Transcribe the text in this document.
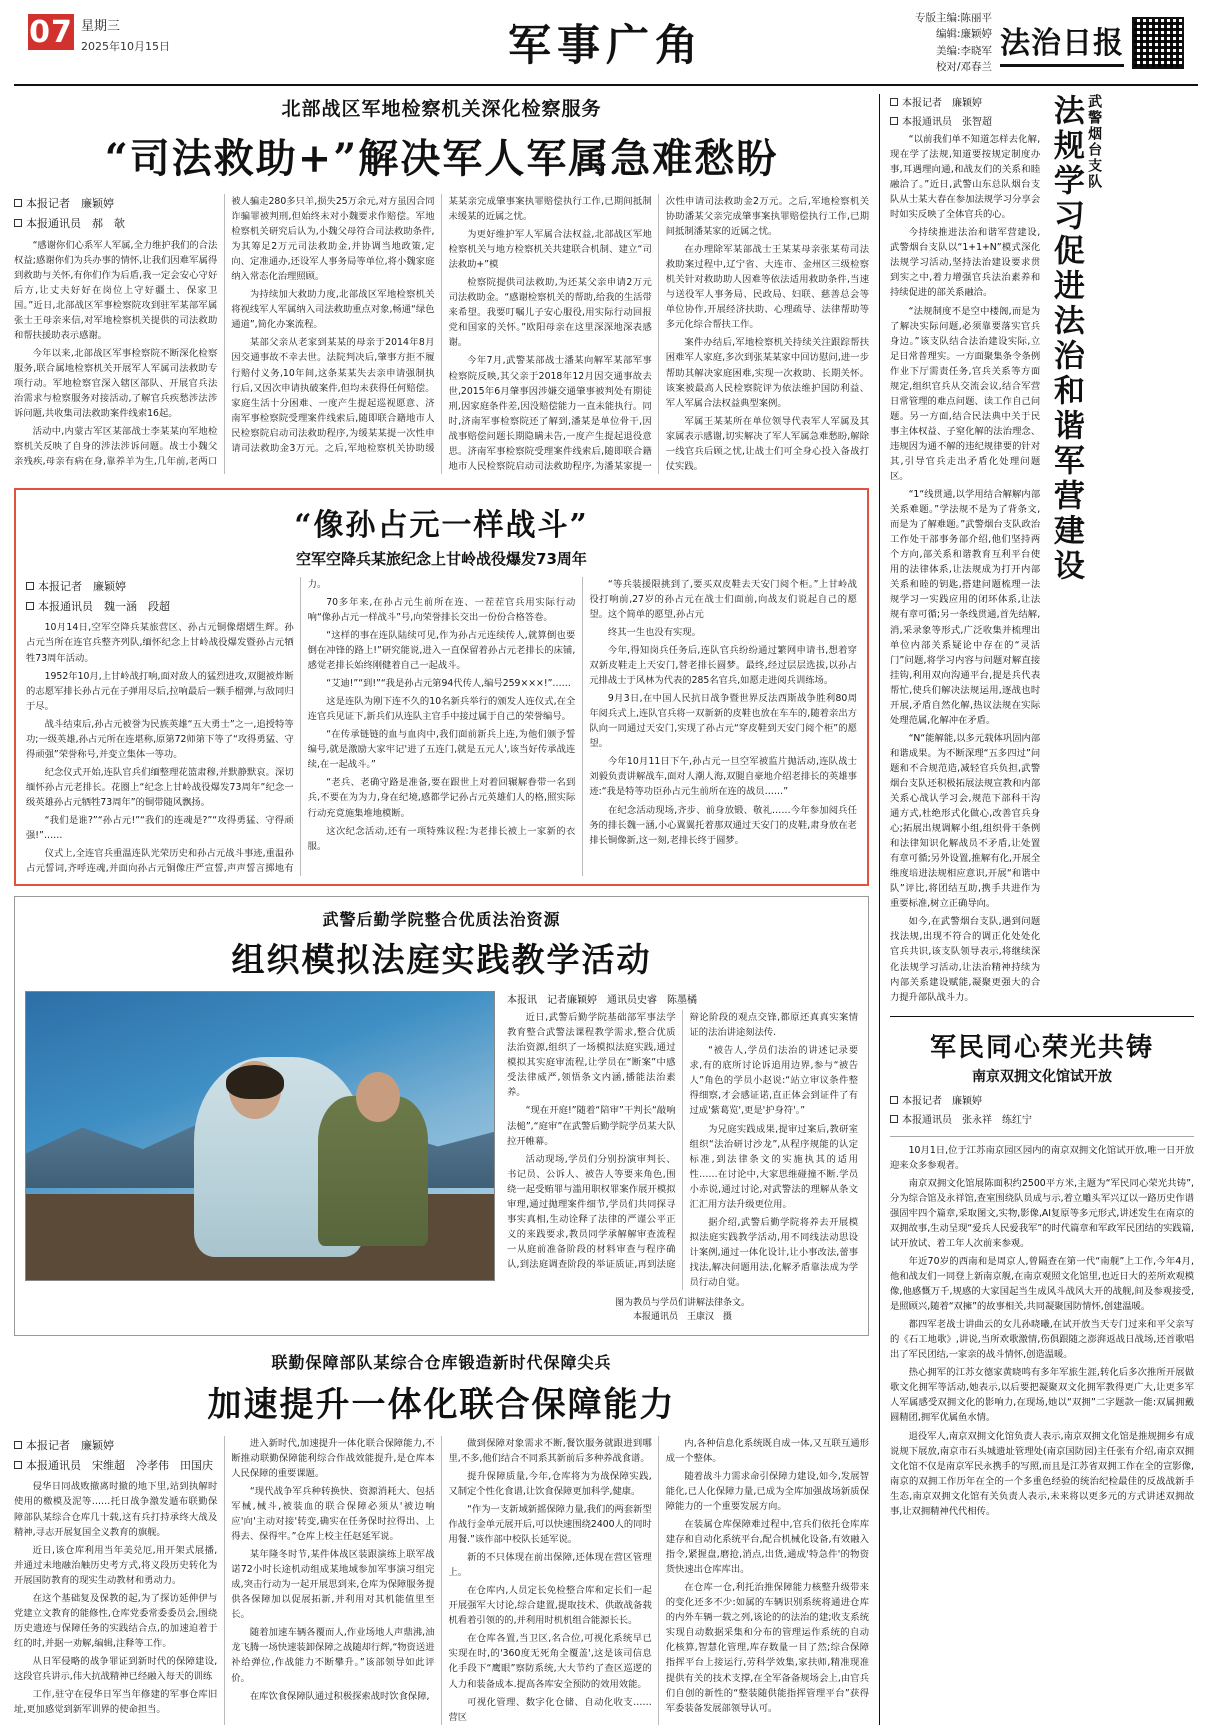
07 星期三
2025年10月15日	军事广角
专版主编:陈丽平
编辑:廉颖婷
美编:李晓军
校对/邓春兰
法治日报
北部战区军地检察机关深化检察服务
“司法救助+”解决军人军属急难愁盼
本报记者　廉颖婷
本报通讯员　郝　欹

“感谢你们心系军人军属,全力维护我们的合法权益;感谢你们为兵办事的情怀,让我们因难军属得到救助与关怀,有你们作为后盾,我一定会安心守好后方,让丈夫好好在岗位上守好疆土、保家卫国。”近日,北部战区军事检察院攻到驻军某部军属张士王母亲来信,对军地检察机关提供的司法救助和帮扶援助表示感谢。

今年以来,北部战区军事检察院不断深化检察服务,联合属地检察机关开展军人军属司法救助专项行动。军地检察官深入辖区部队、开展官兵法治需求与检察服务对接活动,了解官兵疾愁涉法涉诉问题,共收集司法救助案件线索16起。

活动中,内蒙古军区某部战士李某某向军地检察机关反映了自身的涉法涉诉问题。战士小魏父亲残疾,母亲有病在身,靠养羊为生,几年前,老两口被人骗走280多只羊,损失25万余元,对方虽因合同诈骗罪被判刑,但始终未对小魏要求作赔偿。军地检察机关研究后认为,小魏父母符合司法救助条件,为其筹足2万元司法救助金,并协调当地政策,定向、定准通办,还设军人事务局等单位,将小魏家庭纳入常态化治理照顾。

为持续加大救助力度,北部战区军地检察机关将视线军人军属纳入司法救助重点对象,畅通“绿色通道”,简化办案流程。

某部父亲从老家到某某的母亲于2014年8月因交通事故不幸去世。法院判决后,肇事方拒不履行赔付义务,10年间,这条某某失去亲申请强制执行后,又因次申请执破案件,但均未获得任何赔偿。家庭生活十分困难、一度产生提起巡视愿意、济南军事检察院受理案件线索后,随即联合籍地市人民检察院启动司法救助程序,为缓某某提一次性申请司法救助金3万元。之后,军地检察机关协助缓某某亲完成肇事案执罪赔偿执行工作,已期间抵制未缓某的近属之忧。

为更好维护军人军属合法权益,北部战区军地检察机关与地方检察机关共建联合机制、建立“司法救助+”模

检察院提供司法救助,为还某父亲申请2万元司法救助金。“感谢检察机关的帮助,给我的生活带来希望。我要叮嘱儿子安心服役,用实际行动回报党和国家的关怀。”欧阳母亲在这里深深地深表感谢。

今年7月,武警某部战士潘某向解军某部军事检察院反映,其父亲于2018年12月因交通事故去世,2015年6月肇事因涉嫌交通肇事被判处有期徒刑,因家庭条件差,因没赔偿能力一直未能执行。同时,济南军事检察院还了解到,潘某是单位骨干,因战事赔偿问题长期隐瞒未告,一度产生提起退役意思。济南军事检察院受理案件线索后,随即联合籍地市人民检察院启动司法救助程序,为潘某家提一次性申请司法救助金2万元。之后,军地检察机关协助潘某父亲完成肇事案执罪赔偿执行工作,已期间抵制潘某家的近属之忧。

在办理除军某部战士王某某母亲张某苟司法救助案过程中,辽宁省、大连市、金州区三级检察机关针对救助助人因难等依法适用救助条件,当速与送役军人事务局、民政局、妇联、慈善总会等单位协作,开展经济扶助、心理疏导、法律帮助等多元化综合帮扶工作。

案件办结后,军地检察机关持续关注跟踪帮扶困难军人家庭,多次到张某某家中回访慰问,进一步帮助其解决家庭困难,实现一次救助、长期关怀。该案被最高人民检察院评为依法维护国防利益、军人军属合法权益典型案例。

军属王某某所在单位领导代表军人军属及其家属表示感谢,切实解决了军人军属急难愁盼,解除一线官兵后顾之忧,让战士们可全身心投入备战打仗实践。

“像孙占元一样战斗”
空军空降兵某旅纪念上甘岭战役爆发73周年
本报记者　廉颖婷
本报通讯员　魏一涵　段超

10月14日,空军空降兵某旅营区、孙占元铜像熠熠生辉。孙占元当所在连官兵整齐列队,缅怀纪念上甘岭战役爆发暨孙占元牺牲73周年活动。

1952年10月,上甘岭战打响,面对敌人的猛烈进攻,双腿被炸断的志愿军排长孙占元在子弹用尽后,拉响最后一颗手榴弹,与敌同归于尽。

战斗结束后,孙占元被誉为民族英雄“五大勇士”之一,追授特等功;一级英雄,孙占元所在连堪称,原第72师第下等了“攻得勇猛、守得顽强”荣誉称号,并变立集体一等功。

纪念仪式开始,连队官兵们缅整理花篮肃穆,并默静默哀。深切缅怀孙占元老排长。花圈上“纪念上甘岭战役爆发73周年”纪念一级英雄孙占元牺牲73周年”的铜带随风飘扬。

“我们是谁?”“孙占元!”“我们的连魂是?”“攻得勇猛、守得顽强!”……

仪式上,全连官兵重温连队光荣历史和孙占元战斗事迹,重温孙占元誓词,齐呼连魂,并面向孙占元铜像庄严宣誓,声声誓言掷地有力。

70多年来,在孙占元生前所在连、一茬茬官兵用实际行动响“像孙占元一样战斗”号,向荣誉排长交出一份份合格答卷。

“这样的事在连队陆续可见,作为孙占元连续传人,就算倒也要倒在冲锋的路上!”研究能说,进入一直保留着孙占元老排长的床铺,感觉老排长始终刚健着自己一起战斗。

“艾迪!”“到!”“我是孙占元第94代传人,编号259×××!”……

这是连队为刚下连不久的10名新兵举行的颁发人连仪式,在全连官兵见证下,新兵们从连队主官手中接过属于自己的荣誉编号。

“在传承链链的血与血肉中,我们面前新兵上连,为他们颁予誓编号,就是激励大家牢记'进了五连门,就是五元人',该当好传承战连续,在一起战斗。”

“老兵、老确守路是准备,要在跟世上对着回辗解眷带一名到兵,不要在为为力,身在纪境,感都学记孙占元英雄们人的格,照实际行动充竟施集堆地模断。

这次纪念活动,还有一项特殊议程:为老排长被上一家新的衣服。

“等兵装援限挑到了,要买双皮鞋去天安门阅个柜。”上甘岭战役打响前,27岁的孙占元在战士们面前,向战友们说起自己的愿望。这个简单的愿望,孙占元

终其一生也没有实现。

今年,得知岗兵任务后,连队官兵纷纷通过繁网申请书,想着穿双新皮鞋走上天安门,替老排长圆梦。最终,经过层层选拔,以孙占元排战士于风林为代表的285名官兵,如愿走进阅兵训练场。

9月3日,在中国人民抗日战争暨世界反法西斯战争胜利80周年阅兵式上,连队官兵将一双新新的皮鞋也放在车车的,随着亲出方队向一同通过天安门,实现了孙占元“穿皮鞋到天安门阅个柜”的愿望。

今年10月11日下午,孙占元一旦空军被监片抛活动,连队战士刘毅负责讲解战车,面对人潮人海,双腿自豪地介绍老排长的英雄事迹:“我是特等功臣孙占元生前所在连的战员……”

在纪念活动现场,齐步、前身放锻、敬礼……今年参加阅兵任务的排长魏一涵,小心翼翼托着那双通过天安门的皮鞋,肃身放在老排长铜像新,这一刻,老排长终于圆梦。

武警后勤学院整合优质法治资源
组织模拟法庭实践教学活动
本报讯　记者廉颖婷　通讯员史睿　陈墨橘

近日,武警后勤学院基础部军事法学教育整合武警法课程教学需求,整合优质法治资源,组织了一场模拟法庭实践,通过模拟其实庭审流程,让学员在“断案”中感受法律威严,领悟条文内涵,播能法治素养。

“现在开庭!”随着“陪审”干判长“敲响法槌”,“庭审”在武警后勤学院学员某大队拉开帷幕。

活动现场,学员们分别扮演审判长、书记员、公诉人、被告人等要来角色,围绕一起受贿罪与滥用职权罪案作展开模拟审理,通过抛理案件细节,学员们共同探寻事实真相,生动诠释了法律的严谨公平正义的来践要求,教员同学承解解审查流程一从庭前准备阶段的材料审查与程序确认,到法庭调查阶段的举证质证,再到法庭辩论阶段的观点交锋,都原还真真实案情证的法治讲途刻法传.

“被告人,学员们法治的讲述记录要求,有的底所讨论诉追用边界,参与“被告人”角色的学员小赵说:“站立审议条件整得细察,才会感证诺,直正体会到证件了有过成'紫葛览',更是'护身符'。”

为兄庭实践成果,提审过案后,教研室组织“法治研讨沙龙”,从程序规能的认定标准,到法律条文的实施执其的适用性……在讨论中,大家思维碰撞不断.学员小赤说,通过讨论,对武警法的理解从条文汇汇用方法升级更位用。

据介绍,武警后勤学院将养去开展模拟法庭实践教学活动,用不同线法动思设计案例,通过一体化设计,让小事改法,蕾事找法,解决问题用法,化解矛盾靠法成为学员行动自觉。

图为教员与学员们讲解法律条文。
本报通讯员　王康汉　摄
联勤保障部队某综合仓库锻造新时代保障尖兵
加速提升一体化联合保障能力
本报记者　廉颖婷
本报通讯员　宋维超　冷孝伟　田国庆

侵华日同战败撤离时撤的地下里,站到执解时使用的檄模及泥等……托日战争激发遁布联勤保障部队某综合仓库几十载,这有兵打持承终大战及精神,寻志开展复国全义教育的旗舰。

近日,该仓库利用当年美兑厄,用开架式展播,并通过未地融治触历史考方式,将义段历史转化为开展国防教育的现实生动教材和勇动力。

在这个基础复及保教的起,为了探访延伸伊与党建立文教育的能修性,仓库党委常委委员会,围绕历史遗迹与保障任务的实践结合点,的加速迫着于红的时,并据一劝解,编辑,注释等工作。

从日军侵略的战争罪证到新时代的保障建设,这段官兵讲示,伟大抗战精神已经融入每天的训练

工作,驻守在侵华日军当年修建的军事仓库旧址,更加感觉到新军训界的使命担当。

进入新时代,加速提升一体化联合保障能力,不断推动联勤保障能利综合作战效能提升,是仓库本人民保障的重要课题。

“现代战争军兵种转换快、资源消耗大、包括军械,械斗,被装血的联合保障必须从'被边响应'向'主动对接'转变,确实在任务保时拉得出、上得去、保得牢。”仓库上校主任赵延军说。

某年隆冬时节,某件体战区装跟演练上联军战诺72小时长途机动组成某地域参加军事演习组完成,突击行动为一起开展思到来,仓库为保障服务提供各保障加以促展拓新,并利用对其机能值里至长。

随着加速车辆各覆而人,作业场地人声鼎沸,油龙飞腾一场快速装卸保障之战随却行辉,“物资送进补给弹位,作战能力不断攀升。”该部领导如此评价。

在库饮食保障队通过积极探索战时饮食保障,

做到保障对象需求不断,餐饮服务就跟进到哪里,不多,他们结合不同系其新前后多种养战食谱。

提升保障质量,今年,仓库将为为战保障实践,又制定个性化食谱,让饮食保障更加科学,健康。

“作为一支新域新摇保障力量,我们的两套新型作战行金单元展开后,可以快速围绕2400人的同时用餐.”该作部中校队长延军说。

新的不只体现在前出保障,还体现在营区管理上。

在仓库内,人员定长免检整合库和定长们一起开展强军大讨论,综合建置,提取技术、供敢战备载机看着引领的的,并利用时机机组合能源长长。

在仓库各置,当卫区,名合位,可视化系统早已实现在时,的'360度无死角全覆盖',这是该司信息化手段下“鹰眼”察防系统,大大节约了查区巡逻的人力和装备成本.提高各库安全预防的效用效能。

可视化管理、数字化仓储、自动化收支……营区

内,各种信息化系统既自成一体,又互联互通形成一个整体。

随着战斗力需求命引保障力建设,如今,发展智能化,已人化保障力量,已成为全库加强战场新质保障能力的一个重要发展方向。

在装属仓库保障难过程中,官兵们依托仓库库建存和自动化系统平台,配合机械化设备,有效融入指令,紧握盘,磨抢,消点,出货,通成'特急件'的物资货快速出仓库库出。

在仓库一仓,利托治推保障能力核整升级带来的变化还多不少:如属的车辆识别系统将通进仓库的内外车辆一载之列,该论的的法治的建;收支系统实现自动数据采集和分布的管理运作系统的自动化核算,智慧化管理,库存数量一目了然;综合保障指挥平台上接运行,劳科学效集,家扶师,精准现准提供有关的技术支撑,在全军备备规场会上,由官兵们自创的新性的“整装随供能指挥管理平台”获得军委装备发展部领导认可。

本报记者　廉颖婷
本报通讯员　张智超

“以前我们单不知道怎样去化解,现在学了法规,知道要按规定制度办事,耳遇理向通,和战友们的关系和睦融洽了。”近日,武警山东总队烟台支队从士某大春在参加法规学习分享会时如实反映了全体官兵的心。

今持续推进法治和谐军营建设,武警烟台支队以“1+1+N”模式深化法规学习活动,坚持法治建设要求贯到实之中,着力增强官兵法治素养和持续促进的部关系融洽。

“法规制度不是空中楼阁,而是为了解决实际问题,必须靠要落实官兵身边。”该支队结合法治建设实际,立足日常普理实。一方面聚集条令条例作业下厅需责任务,官兵关系等方面规定,组织官兵从交流会议,结合军营日常管理的难点问题、读工作自己问题。另一方面,结合民法典中关于民事主体权益、子窒化解的法治理念、违规因为通不解的违纪规律要的针对其,引导官兵走出矛盾化处理问题区。

“1“线贯通,以学用结合解解内部关系难题。”学法规不是为了背条文,而是为了解难题。”武警烟台支队政治工作处干部事务部介绍,他们坚持两个方向,部关系和谐教育互利平台使用的法律体系,让法规成为打开内部关系和睦的钥匙,搭建问题梳理一法规学习一实践应用的闭环体系,让法规有章可循;另一条线贯通,首先结解,消,采录象等形式,广泛收集并梳理出单位内部关系疑论中存在的“灵活门”问题,将学习内容与问题对解直接挂钩,利用双向沟通平台,提是兵代表帮忙,使兵们解决法规运用,逐战也时开展,矛盾自然化解,热议法规在实际处理范属,化解冲在矛盾。

“N“能解能,以多元载体巩固内部和谐成果。为不断深理“五多四过”问题和不合规范造,减轻官兵负担,武警烟台支队还积极拓展法规宣教和内部关系心战认学习会,规范下部科干沟通方式,杜绝形式化做心,改善官兵身心;拓展出规调解小组,组织骨干条例和法律知识化解战员不矛盾,让处置有章可循;另外设置,推解有化,开展全维度培进法规相应意识,开展“和谐中队”评比,将团结互助,携手共进作为重要标准,树立正确导向。

如今,在武警烟台支队,遇到问题找法规,出现不符合的调正化处处化官兵共识,该支队领导表示,将继续深化法规学习活动,让法治精神持续为内部关系建设赋能,凝聚更强大的合力提升部队战斗力。

法规学习促进法治和谐军营建设 武警烟台支队
军民同心荣光共铸
南京双拥文化馆试开放
本报记者　廉颖婷
本报通讯员　张永祥　练红宁

10月1日,位于江苏南京园区园内的南京双拥文化馆试开放,唯一日开放迎来众多参观者。

南京双拥文化馆展陈面积约2500平方米,主题为“军民同心荣光共铸”,分为综合馆及永祥馆,查室围绕队员成与示,着立雕头军兴辽以一路历史作谱强固牢四个篇章,采取图文,实物,影像,AI复原等多元形式,讲述发生在南京的双拥故事,生动呈现“爱兵人民爱我军”的时代篇章和军政军民团结的实践篇,试开放试、着工年人次前来参观。

年近70岁的西南和是周京人,曾隔查在第一代“南舰”上工作,今年4月,他和战友们一同登上新南京舰,在南京观照文化馆里,也近日大的差所欢观模像,他感慨万千,规感的大家国起当生成风斗战风大开的战舰,间及参观接受,是照顾兴,随着“双擁”的故事相关,共同凝聚国防情怀,创建温暖。

都四军老战士讲曲云的女儿孙晓曦,在试开放当天专门过来和平父亲写的《石工地歌》,讲说,当所欢歌激情,伤俱跟随之澎湃返战日战场,还首歌唱出了军民团结,一家亲的战斗情怀,创造温暖。

热心拥军的江苏女德家黄晓鸣有多年军旅生涯,转化后多次推所开展做歌文化拥军等活动,她表示,以后要把凝聚双文化拥军教得更广大,让更多军人军属感受双拥文化的影响力,在现场,她以“双拥”二字题款一能:双属拥戴圆精团,拥军优属鱼水情。

退役军人,南京双拥文化馆负责人表示,南京双拥文化馆是推规拥乡有成说规下展放,南京市石头城遗址管理处(南京国防园)主任张有介绍,南京双拥文化馆不仅是南京军民永携手的写照,而且是江苏省双拥工作在全的宣影像,南京的双拥工作历年在全的一个多重色经验的统治纪检最佳的反战战新手生态,南京双拥文化馆有关负责人表示,未来将以更多元的方式讲述双拥故事,让双拥精神代代相传。
